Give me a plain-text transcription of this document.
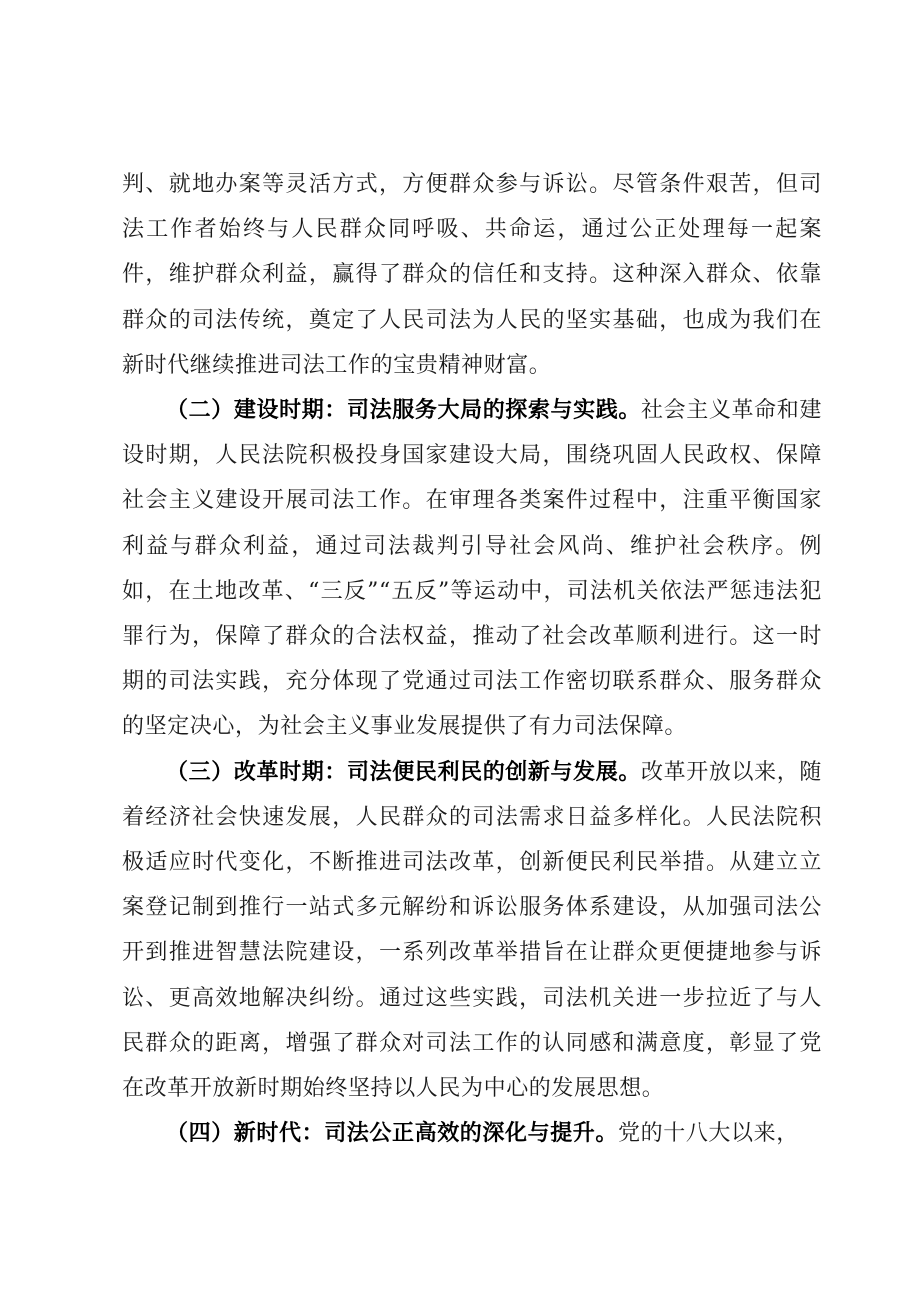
判、就地办案等灵活方式，方便群众参与诉讼。尽管条件艰苦，但司法工作者始终与人民群众同呼吸、共命运，通过公正处理每一起案件，维护群众利益，赢得了群众的信任和支持。这种深入群众、依靠群众的司法传统，奠定了人民司法为人民的坚实基础，也成为我们在新时代继续推进司法工作的宝贵精神财富。

（二）建设时期：司法服务大局的探索与实践。社会主义革命和建设时期，人民法院积极投身国家建设大局，围绕巩固人民政权、保障社会主义建设开展司法工作。在审理各类案件过程中，注重平衡国家利益与群众利益，通过司法裁判引导社会风尚、维护社会秩序。例如，在土地改革、“三反”“五反”等运动中，司法机关依法严惩违法犯罪行为，保障了群众的合法权益，推动了社会改革顺利进行。这一时期的司法实践，充分体现了党通过司法工作密切联系群众、服务群众的坚定决心，为社会主义事业发展提供了有力司法保障。

（三）改革时期：司法便民利民的创新与发展。改革开放以来，随着经济社会快速发展，人民群众的司法需求日益多样化。人民法院积极适应时代变化，不断推进司法改革，创新便民利民举措。从建立立案登记制到推行一站式多元解纷和诉讼服务体系建设，从加强司法公开到推进智慧法院建设，一系列改革举措旨在让群众更便捷地参与诉讼、更高效地解决纠纷。通过这些实践，司法机关进一步拉近了与人民群众的距离，增强了群众对司法工作的认同感和满意度，彰显了党在改革开放新时期始终坚持以人民为中心的发展思想。

（四）新时代：司法公正高效的深化与提升。党的十八大以来，
